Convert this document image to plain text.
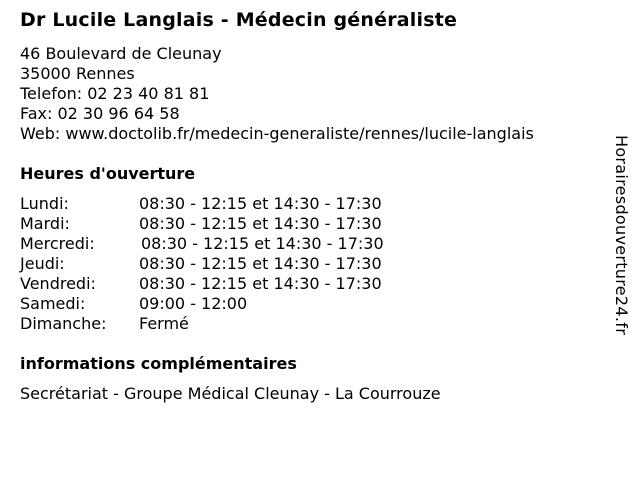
Dr Lucile Langlais - Médecin généraliste
46 Boulevard de Cleunay
35000 Rennes
Telefon: 02 23 40 81 81
Fax: 02 30 96 64 58
Web: www.doctolib.fr/medecin-generaliste/rennes/lucile-langlais
Heures d'ouverture
Lundi:	08:30 - 12:15 et 14:30 - 17:30
Mardi:	08:30 - 12:15 et 14:30 - 17:30
Mercredi:	08:30 - 12:15 et 14:30 - 17:30
Jeudi:	08:30 - 12:15 et 14:30 - 17:30
Vendredi:	08:30 - 12:15 et 14:30 - 17:30
Samedi:	09:00 - 12:00
Dimanche: Fermé
informations complémentaires
Secrétariat - Groupe Médical Cleunay - La Courrouze
Horairesdouverture24.fr
